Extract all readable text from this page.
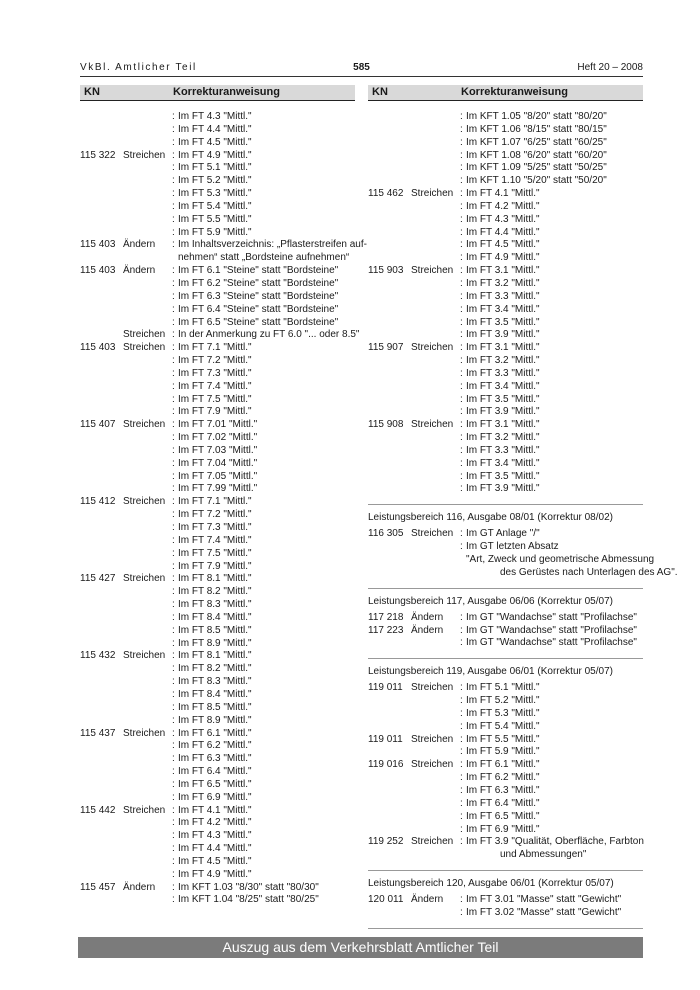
VkBl. Amtlicher Teil	585	Heft 20 – 2008
KN	Korrekturanweisung
: Im FT 4.3 "Mittl."
: Im FT 4.4 "Mittl."
: Im FT 4.5 "Mittl."
115 322 Streichen : Im FT 4.9 "Mittl."
: Im FT 5.1 "Mittl."
: Im FT 5.2 "Mittl."
: Im FT 5.3 "Mittl."
: Im FT 5.4 "Mittl."
: Im FT 5.5 "Mittl."
: Im FT 5.9 "Mittl."
115 403 Ändern : Im Inhaltsverzeichnis: „Pflasterstreifen auf-
nehmen“ statt „Bordsteine aufnehmen“
115 403 Ändern : Im FT 6.1 "Steine" statt "Bordsteine"
: Im FT 6.2 "Steine" statt "Bordsteine"
: Im FT 6.3 "Steine" statt "Bordsteine"
: Im FT 6.4 "Steine" statt "Bordsteine"
: Im FT 6.5 "Steine" statt "Bordsteine"
Streichen : In der Anmerkung zu FT 6.0 "... oder 8.5"
115 403 Streichen : Im FT 7.1 "Mittl."
: Im FT 7.2 "Mittl."
: Im FT 7.3 "Mittl."
: Im FT 7.4 "Mittl."
: Im FT 7.5 "Mittl."
: Im FT 7.9 "Mittl."
115 407 Streichen : Im FT 7.01 "Mittl."
: Im FT 7.02 "Mittl."
: Im FT 7.03 "Mittl."
: Im FT 7.04 "Mittl."
: Im FT 7.05 "Mittl."
: Im FT 7.99 "Mittl."
115 412 Streichen : Im FT 7.1 "Mittl."
: Im FT 7.2 "Mittl."
: Im FT 7.3 "Mittl."
: Im FT 7.4 "Mittl."
: Im FT 7.5 "Mittl."
: Im FT 7.9 "Mittl."
115 427 Streichen : Im FT 8.1 "Mittl."
: Im FT 8.2 "Mittl."
: Im FT 8.3 "Mittl."
: Im FT 8.4 "Mittl."
: Im FT 8.5 "Mittl."
: Im FT 8.9 "Mittl."
115 432 Streichen : Im FT 8.1 "Mittl."
: Im FT 8.2 "Mittl."
: Im FT 8.3 "Mittl."
: Im FT 8.4 "Mittl."
: Im FT 8.5 "Mittl."
: Im FT 8.9 "Mittl."
115 437 Streichen : Im FT 6.1 "Mittl."
: Im FT 6.2 "Mittl."
: Im FT 6.3 "Mittl."
: Im FT 6.4 "Mittl."
: Im FT 6.5 "Mittl."
: Im FT 6.9 "Mittl."
115 442 Streichen : Im FT 4.1 "Mittl."
: Im FT 4.2 "Mittl."
: Im FT 4.3 "Mittl."
: Im FT 4.4 "Mittl."
: Im FT 4.5 "Mittl."
: Im FT 4.9 "Mittl."
115 457 Ändern : Im KFT 1.03 "8/30" statt "80/30"
: Im KFT 1.04 "8/25" statt "80/25"
KN	Korrekturanweisung
: Im KFT 1.05 "8/20" statt "80/20"
: Im KFT 1.06 "8/15" statt "80/15"
: Im KFT 1.07 "6/25" statt "60/25"
: Im KFT 1.08 "6/20" statt "60/20"
: Im KFT 1.09 "5/25" statt "50/25"
: Im KFT 1.10 "5/20" statt "50/20"
115 462 Streichen : Im FT 4.1 "Mittl."
: Im FT 4.2 "Mittl."
: Im FT 4.3 "Mittl."
: Im FT 4.4 "Mittl."
: Im FT 4.5 "Mittl."
: Im FT 4.9 "Mittl."
115 903 Streichen : Im FT 3.1 "Mittl."
: Im FT 3.2 "Mittl."
: Im FT 3.3 "Mittl."
: Im FT 3.4 "Mittl."
: Im FT 3.5 "Mittl."
: Im FT 3.9 "Mittl."
115 907 Streichen : Im FT 3.1 "Mittl."
: Im FT 3.2 "Mittl."
: Im FT 3.3 "Mittl."
: Im FT 3.4 "Mittl."
: Im FT 3.5 "Mittl."
: Im FT 3.9 "Mittl."
115 908 Streichen : Im FT 3.1 "Mittl."
: Im FT 3.2 "Mittl."
: Im FT 3.3 "Mittl."
: Im FT 3.4 "Mittl."
: Im FT 3.5 "Mittl."
: Im FT 3.9 "Mittl."
Leistungsbereich 116, Ausgabe 08/01 (Korrektur 08/02)
116 305 Streichen : Im GT Anlage "/"
: Im GT letzten Absatz
"Art, Zweck und geometrische Abmessung
des Gerüstes nach Unterlagen des AG".
Leistungsbereich 117, Ausgabe 06/06 (Korrektur 05/07)
117 218 Ändern : Im GT "Wandachse" statt "Profilachse"
117 223 Ändern : Im GT "Wandachse" statt "Profilachse"
: Im GT "Wandachse" statt "Profilachse"
Leistungsbereich 119, Ausgabe 06/01 (Korrektur 05/07)
119 011 Streichen : Im FT 5.1 "Mittl."
: Im FT 5.2 "Mittl."
: Im FT 5.3 "Mittl."
: Im FT 5.4 "Mittl."
119 011 Streichen : Im FT 5.5 "Mittl."
: Im FT 5.9 "Mittl."
119 016 Streichen : Im FT 6.1 "Mittl."
: Im FT 6.2 "Mittl."
: Im FT 6.3 "Mittl."
: Im FT 6.4 "Mittl."
: Im FT 6.5 "Mittl."
: Im FT 6.9 "Mittl."
119 252 Streichen : Im FT 3.9 "Qualität, Oberfläche, Farbton
und Abmessungen"
Leistungsbereich 120, Ausgabe 06/01 (Korrektur 05/07)
120 011 Ändern : Im FT 3.01 "Masse" statt "Gewicht"
: Im FT 3.02 "Masse" statt "Gewicht"
Auszug aus dem Verkehrsblatt Amtlicher Teil
